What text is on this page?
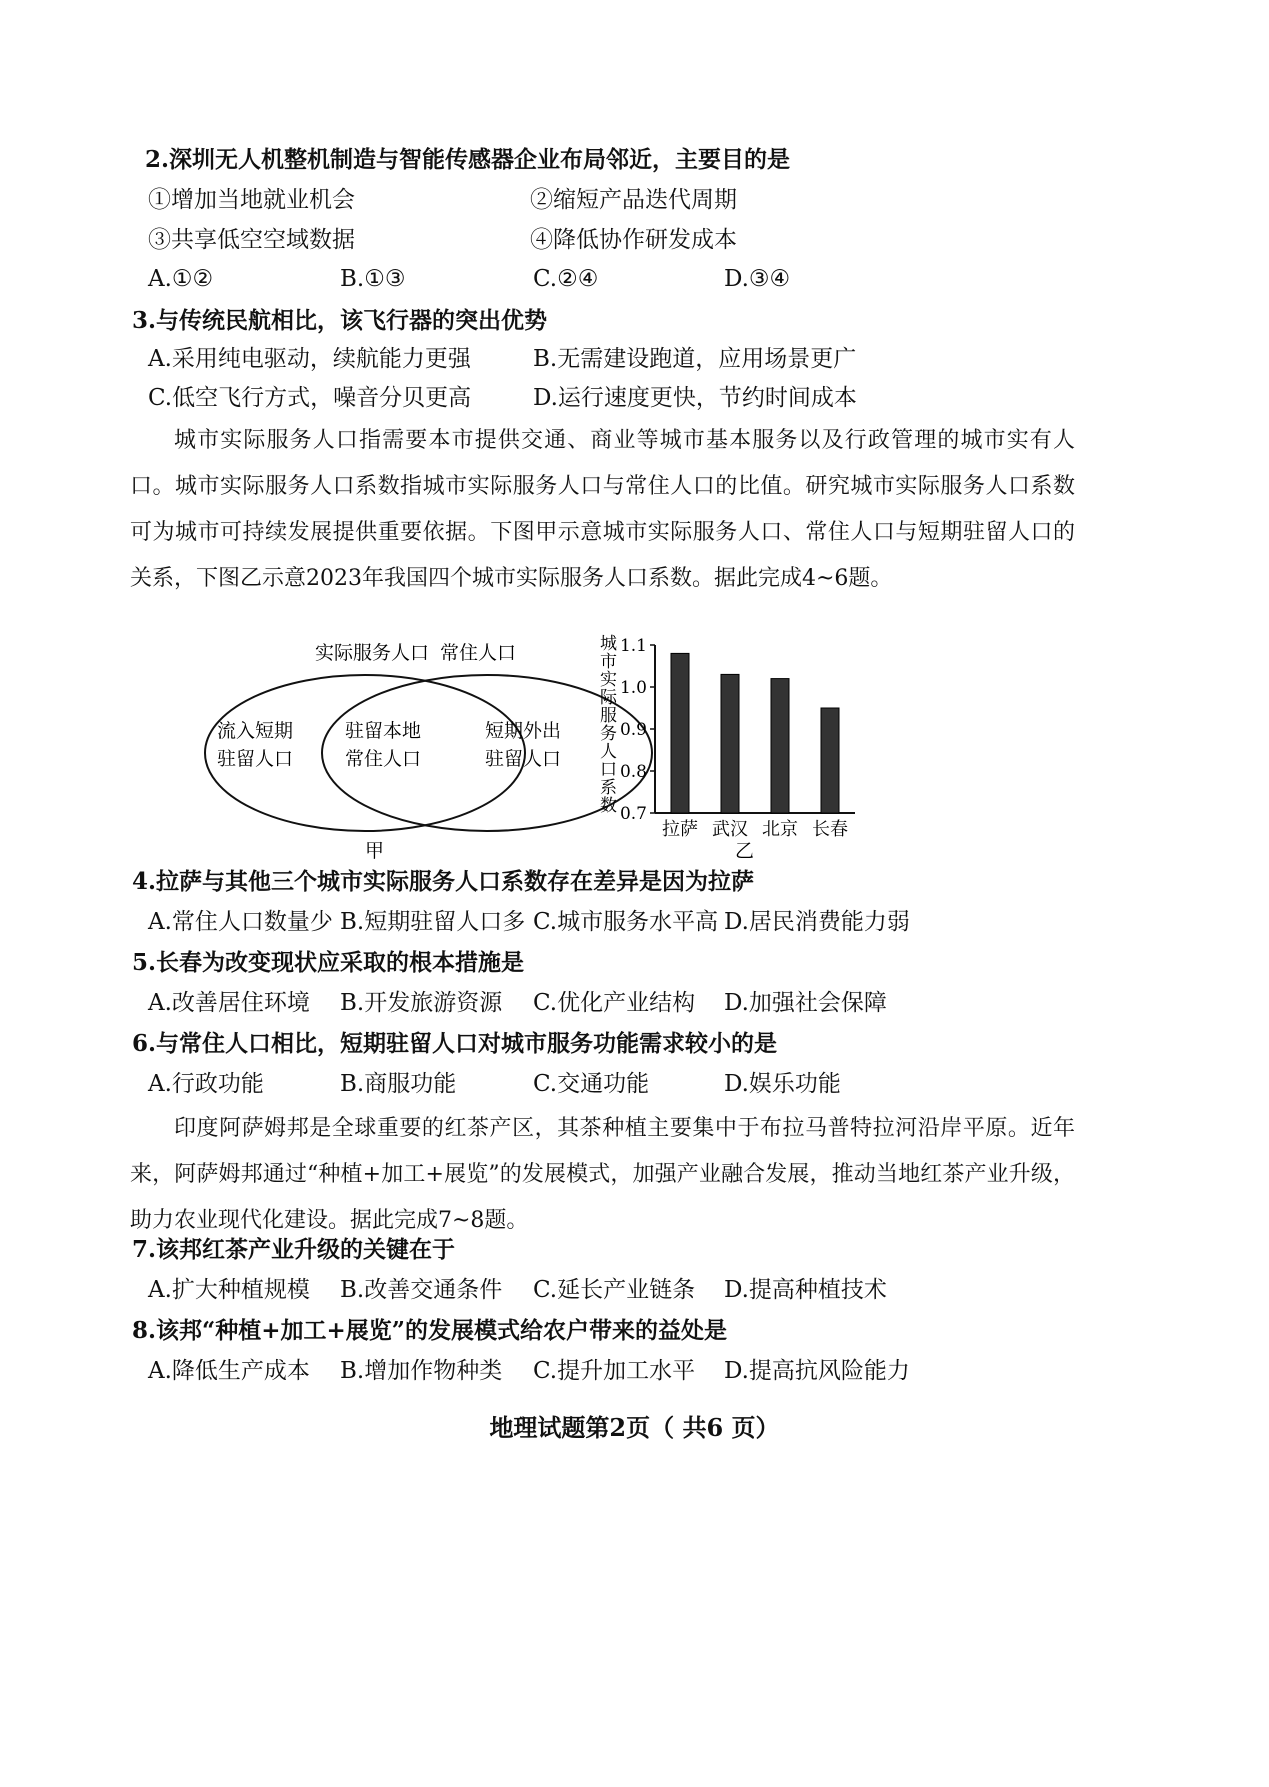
2.深圳无人机整机制造与智能传感器企业布局邻近，主要目的是
①增加当地就业机会	②缩短产品迭代周期
③共享低空空域数据	④降低协作研发成本
A.①②	B.①③	C.②④	D.③④
3.与传统民航相比，该飞行器的突出优势
A.采用纯电驱动，续航能力更强	B.无需建设跑道，应用场景更广
C.低空飞行方式，噪音分贝更高	D.运行速度更快，节约时间成本

城市实际服务人口指需要本市提供交通、商业等城市基本服务以及行政管理的城市实有人口。城市实际服务人口系数指城市实际服务人口与常住人口的比值。研究城市实际服务人口系数可为城市可持续发展提供重要依据。下图甲示意城市实际服务人口、常住人口与短期驻留人口的关系，下图乙示意2023年我国四个城市实际服务人口系数。据此完成4~6题。

实际服务人口 常住人口
流入短期
驻留人口
驻留本地
常住人口
短期外出
驻留人口
甲
城
市
实
际
服
务
人
口
系
数 0.7
0.8
0.9
1.0
1.1
拉萨 武汉 北京 长春
乙
4.拉萨与其他三个城市实际服务人口系数存在差异是因为拉萨
A.常住人口数量少 B.短期驻留人口多 C.城市服务水平高 D.居民消费能力弱
5.长春为改变现状应采取的根本措施是
A.改善居住环境 B.开发旅游资源 C.优化产业结构 D.加强社会保障
6.与常住人口相比，短期驻留人口对城市服务功能需求较小的是
A.行政功能	B.商服功能	C.交通功能	D.娱乐功能

印度阿萨姆邦是全球重要的红茶产区，其茶种植主要集中于布拉马普特拉河沿岸平原。近年来，阿萨姆邦通过“种植+加工+展览”的发展模式，加强产业融合发展，推动当地红茶产业升级，助力农业现代化建设。据此完成7~8题。

7.该邦红茶产业升级的关键在于
A.扩大种植规模 B.改善交通条件 C.延长产业链条 D.提高种植技术
8.该邦“种植+加工+展览”的发展模式给农户带来的益处是
A.降低生产成本 B.增加作物种类 C.提升加工水平 D.提高抗风险能力
地理试题第2页（ 共6 页）
